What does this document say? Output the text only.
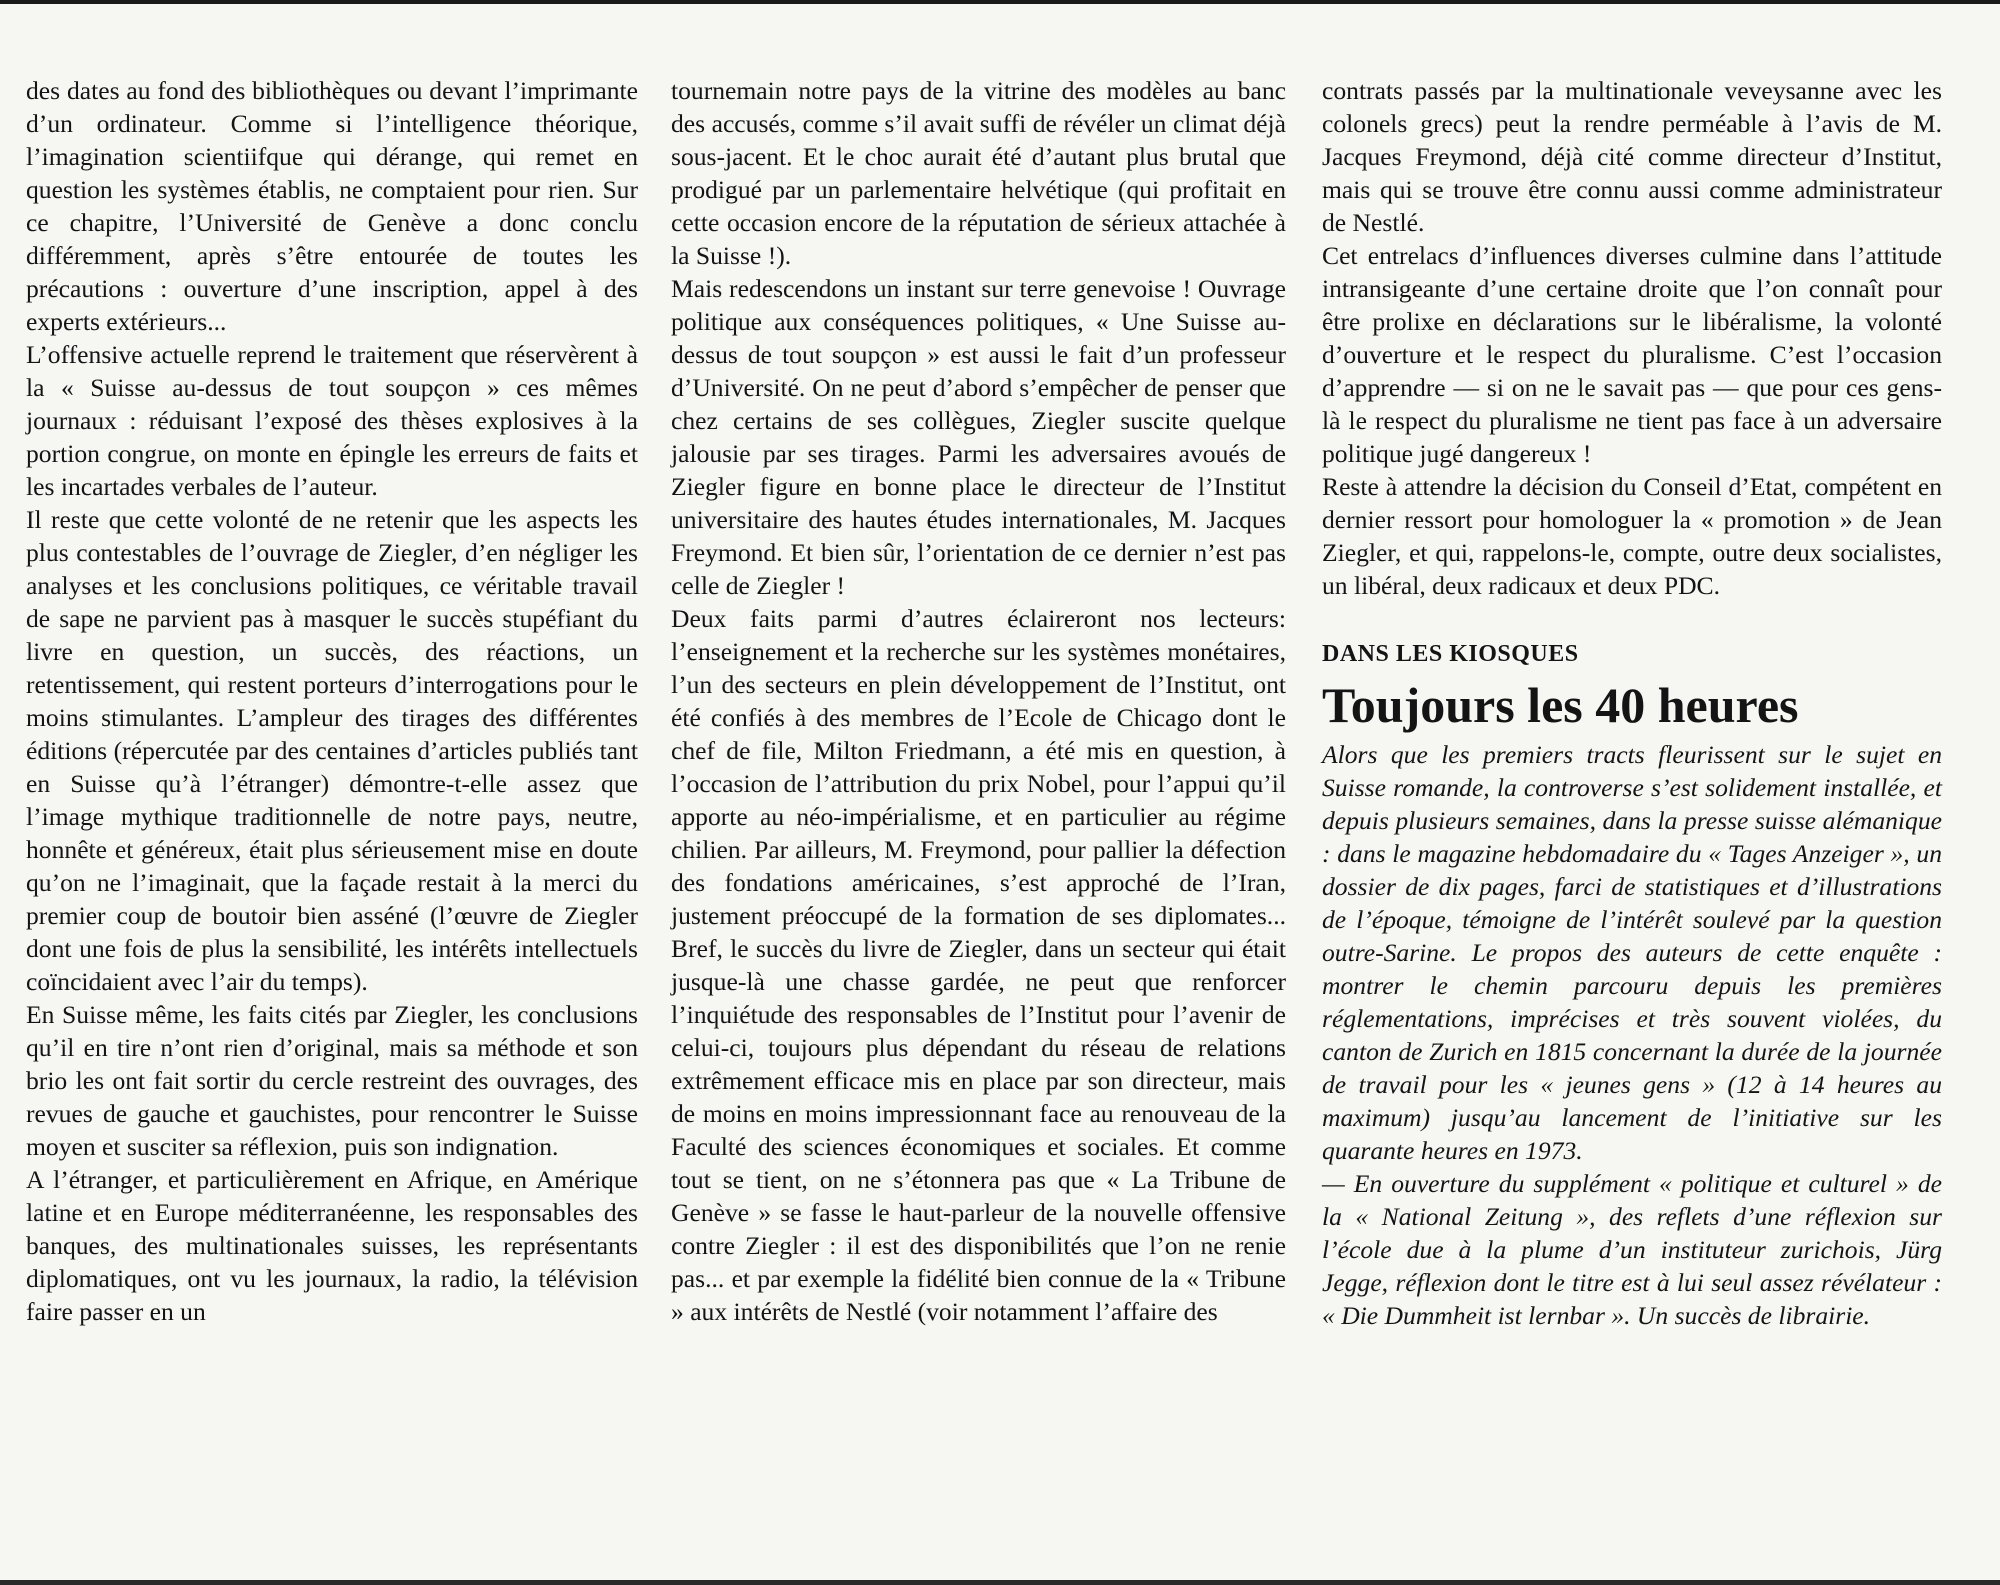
des dates au fond des bibliothèques ou devant l’imprimante d’un ordinateur. Comme si l’intelligence théorique, l’imagination scientiifque qui dérange, qui remet en question les systèmes établis, ne comptaient pour rien. Sur ce chapitre, l’Université de Genève a donc conclu différemment, après s’être entourée de toutes les précautions : ouverture d’une inscription, appel à des experts extérieurs...

L’offensive actuelle reprend le traitement que réservèrent à la « Suisse au-dessus de tout soupçon » ces mêmes journaux : réduisant l’exposé des thèses explosives à la portion congrue, on monte en épingle les erreurs de faits et les incartades verbales de l’auteur.

Il reste que cette volonté de ne retenir que les aspects les plus contestables de l’ouvrage de Ziegler, d’en négliger les analyses et les conclusions politiques, ce véritable travail de sape ne parvient pas à masquer le succès stupéfiant du livre en question, un succès, des réactions, un retentissement, qui restent porteurs d’interrogations pour le moins stimulantes. L’ampleur des tirages des différentes éditions (répercutée par des centaines d’articles publiés tant en Suisse qu’à l’étranger) démontre-t-elle assez que l’image mythique traditionnelle de notre pays, neutre, honnête et généreux, était plus sérieusement mise en doute qu’on ne l’imaginait, que la façade restait à la merci du premier coup de boutoir bien asséné (l’œuvre de Ziegler dont une fois de plus la sensibilité, les intérêts intellectuels coïncidaient avec l’air du temps).

En Suisse même, les faits cités par Ziegler, les conclusions qu’il en tire n’ont rien d’original, mais sa méthode et son brio les ont fait sortir du cercle restreint des ouvrages, des revues de gauche et gauchistes, pour rencontrer le Suisse moyen et susciter sa réflexion, puis son indignation.

A l’étranger, et particulièrement en Afrique, en Amérique latine et en Europe méditerranéenne, les responsables des banques, des multinationales suisses, les représentants diplomatiques, ont vu les journaux, la radio, la télévision faire passer en un

tournemain notre pays de la vitrine des modèles au banc des accusés, comme s’il avait suffi de révéler un climat déjà sous-jacent. Et le choc aurait été d’autant plus brutal que prodigué par un parlementaire helvétique (qui profitait en cette occasion encore de la réputation de sérieux attachée à la Suisse !).

Mais redescendons un instant sur terre genevoise ! Ouvrage politique aux conséquences politiques, « Une Suisse au-dessus de tout soupçon » est aussi le fait d’un professeur d’Université. On ne peut d’abord s’empêcher de penser que chez certains de ses collègues, Ziegler suscite quelque jalousie par ses tirages. Parmi les adversaires avoués de Ziegler figure en bonne place le directeur de l’Institut universitaire des hautes études internationales, M. Jacques Freymond. Et bien sûr, l’orientation de ce dernier n’est pas celle de Ziegler !

Deux faits parmi d’autres éclaireront nos lecteurs: l’enseignement et la recherche sur les systèmes monétaires, l’un des secteurs en plein développement de l’Institut, ont été confiés à des membres de l’Ecole de Chicago dont le chef de file, Milton Friedmann, a été mis en question, à l’occasion de l’attribution du prix Nobel, pour l’appui qu’il apporte au néo-impérialisme, et en particulier au régime chilien. Par ailleurs, M. Freymond, pour pallier la défection des fondations américaines, s’est approché de l’Iran, justement préoccupé de la formation de ses diplomates... Bref, le succès du livre de Ziegler, dans un secteur qui était jusque-là une chasse gardée, ne peut que renforcer l’inquiétude des responsables de l’Institut pour l’avenir de celui-ci, toujours plus dépendant du réseau de relations extrêmement efficace mis en place par son directeur, mais de moins en moins impressionnant face au renouveau de la Faculté des sciences économiques et sociales. Et comme tout se tient, on ne s’étonnera pas que « La Tribune de Genève » se fasse le haut-parleur de la nouvelle offensive contre Ziegler : il est des disponibilités que l’on ne renie pas... et par exemple la fidélité bien connue de la « Tribune » aux intérêts de Nestlé (voir notamment l’affaire des

contrats passés par la multinationale veveysanne avec les colonels grecs) peut la rendre perméable à l’avis de M. Jacques Freymond, déjà cité comme directeur d’Institut, mais qui se trouve être connu aussi comme administrateur de Nestlé.

Cet entrelacs d’influences diverses culmine dans l’attitude intransigeante d’une certaine droite que l’on connaît pour être prolixe en déclarations sur le libéralisme, la volonté d’ouverture et le respect du pluralisme. C’est l’occasion d’apprendre — si on ne le savait pas — que pour ces gens-là le respect du pluralisme ne tient pas face à un adversaire politique jugé dangereux !

Reste à attendre la décision du Conseil d’Etat, compétent en dernier ressort pour homologuer la « promotion » de Jean Ziegler, et qui, rappelons-le, compte, outre deux socialistes, un libéral, deux radicaux et deux PDC.

DANS LES KIOSQUES
Toujours les 40 heures

Alors que les premiers tracts fleurissent sur le sujet en Suisse romande, la controverse s’est solidement installée, et depuis plusieurs semaines, dans la presse suisse alémanique : dans le magazine hebdomadaire du « Tages Anzeiger », un dossier de dix pages, farci de statistiques et d’illustrations de l’époque, témoigne de l’intérêt soulevé par la question outre-Sarine. Le propos des auteurs de cette enquête : montrer le chemin parcouru depuis les premières réglementations, imprécises et très souvent violées, du canton de Zurich en 1815 concernant la durée de la journée de travail pour les « jeunes gens » (12 à 14 heures au maximum) jusqu’au lancement de l’initiative sur les quarante heures en 1973.

— En ouverture du supplément « politique et culturel » de la « National Zeitung », des reflets d’une réflexion sur l’école due à la plume d’un instituteur zurichois, Jürg Jegge, réflexion dont le titre est à lui seul assez révélateur : « Die Dummheit ist lernbar ». Un succès de librairie.
